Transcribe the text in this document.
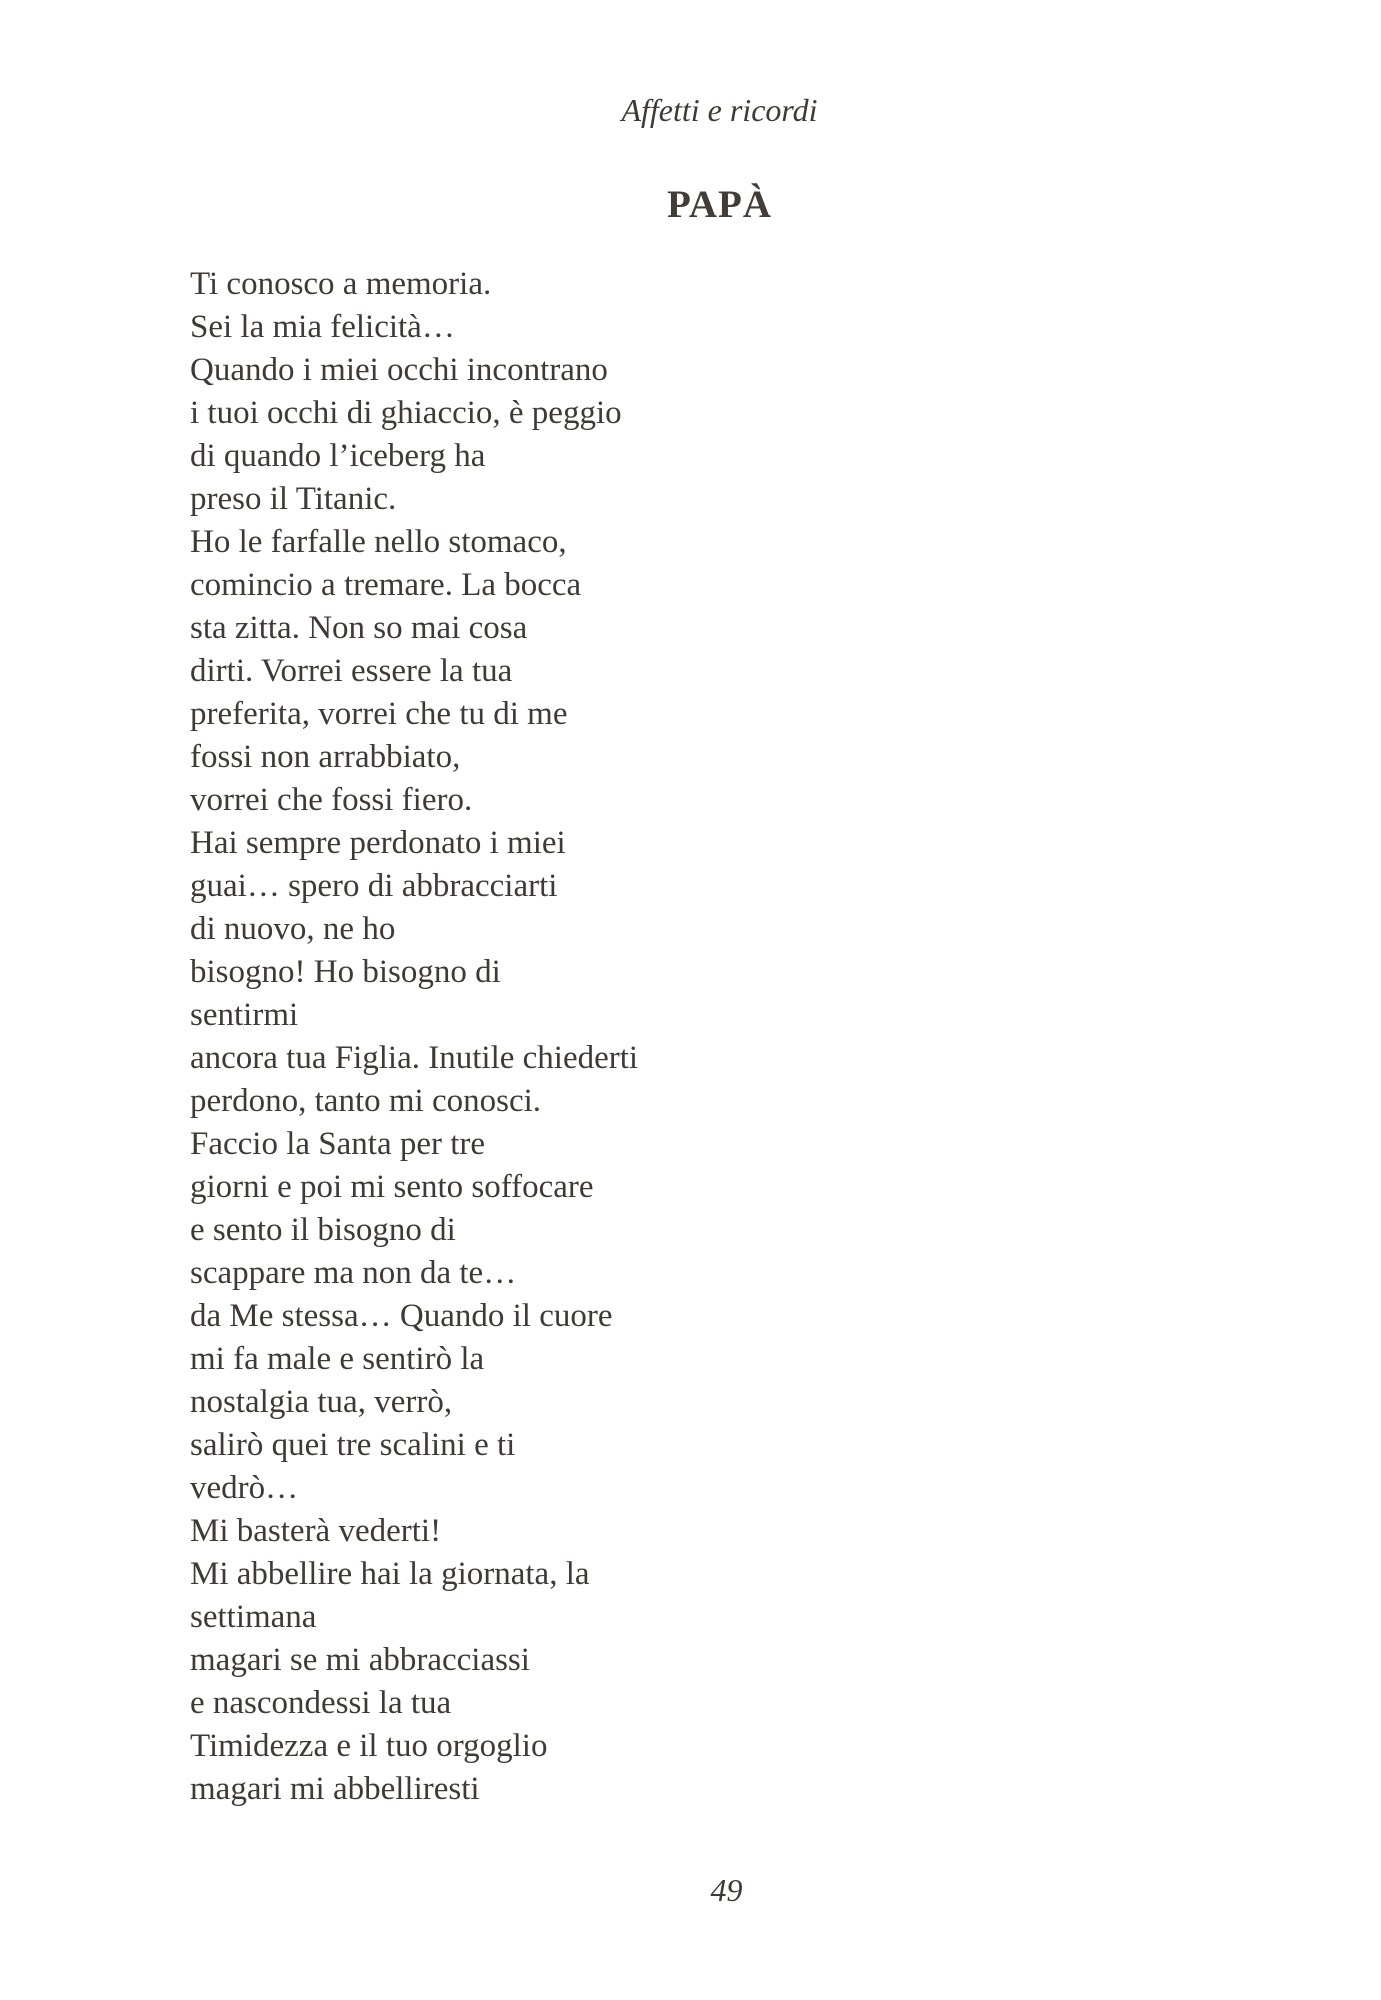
Affetti e ricordi
PAPÀ
Ti conosco a memoria.
Sei la mia felicità…
Quando i miei occhi incontrano
i tuoi occhi di ghiaccio, è peggio
di quando l’iceberg ha
preso il Titanic.
Ho le farfalle nello stomaco,
comincio a tremare. La bocca
sta zitta. Non so mai cosa
dirti. Vorrei essere la tua
preferita, vorrei che tu di me
fossi non arrabbiato,
vorrei che fossi fiero.
Hai sempre perdonato i miei
guai… spero di abbracciarti
di nuovo, ne ho
bisogno! Ho bisogno di
sentirmi
ancora tua Figlia. Inutile chiederti
perdono, tanto mi conosci.
Faccio la Santa per tre
giorni e poi mi sento soffocare
e sento il bisogno di
scappare ma non da te…
da Me stessa… Quando il cuore
mi fa male e sentirò la
nostalgia tua, verrò,
salirò quei tre scalini e ti
vedrò…
Mi basterà vederti!
Mi abbellire hai la giornata, la
settimana
magari se mi abbracciassi
e nascondessi la tua
Timidezza e il tuo orgoglio
magari mi abbelliresti
49
